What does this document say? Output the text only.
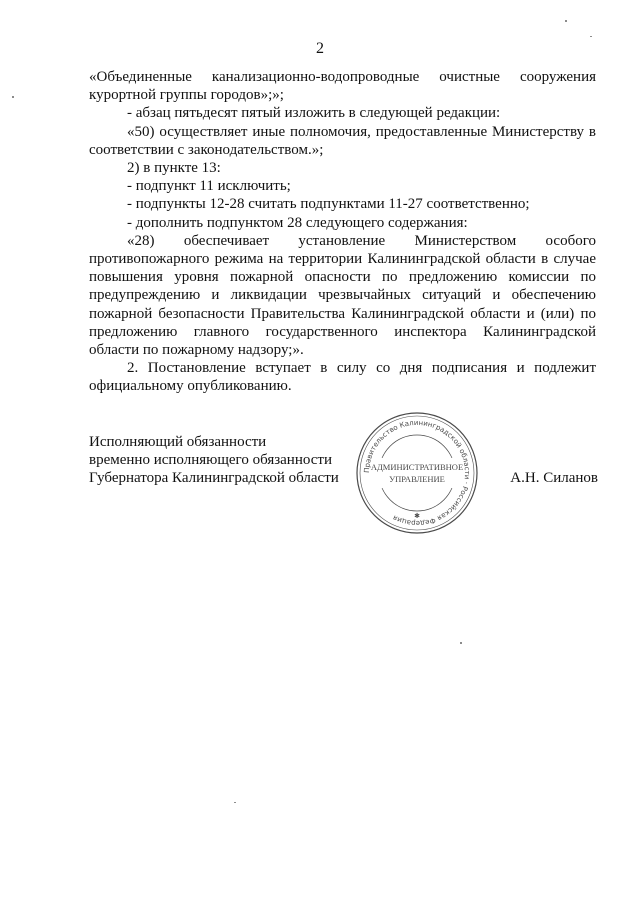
2

«Объединенные канализационно-водопроводные очистные сооружения курортной группы городов»;»;

- абзац пятьдесят пятый изложить в следующей редакции:

«50) осуществляет иные полномочия, предоставленные Министерству в соответствии с законодательством.»;

2) в пункте 13:

- подпункт 11 исключить;

- подпункты 12-28 считать подпунктами 11-27 соответственно;

- дополнить подпунктом 28 следующего содержания:

«28) обеспечивает установление Министерством особого противопожарного режима на территории Калининградской области в случае повышения уровня пожарной опасности по предложению комиссии по предупреждению и ликвидации чрезвычайных ситуаций и обеспечению пожарной безопасности Правительства Калининградской области и (или) по предложению главного государственного инспектора Калининградской области по пожарному надзору;».

2. Постановление вступает в силу со дня подписания и подлежит официальному опубликованию.

Исполняющий обязанности
временно исполняющего обязанности
Губернатора Калининградской области	Правительство Калининградской области · Российская Федерация
АДМИНИСТРАТИВНОЕ
УПРАВЛЕНИЕ
✱
А.Н. Силанов
